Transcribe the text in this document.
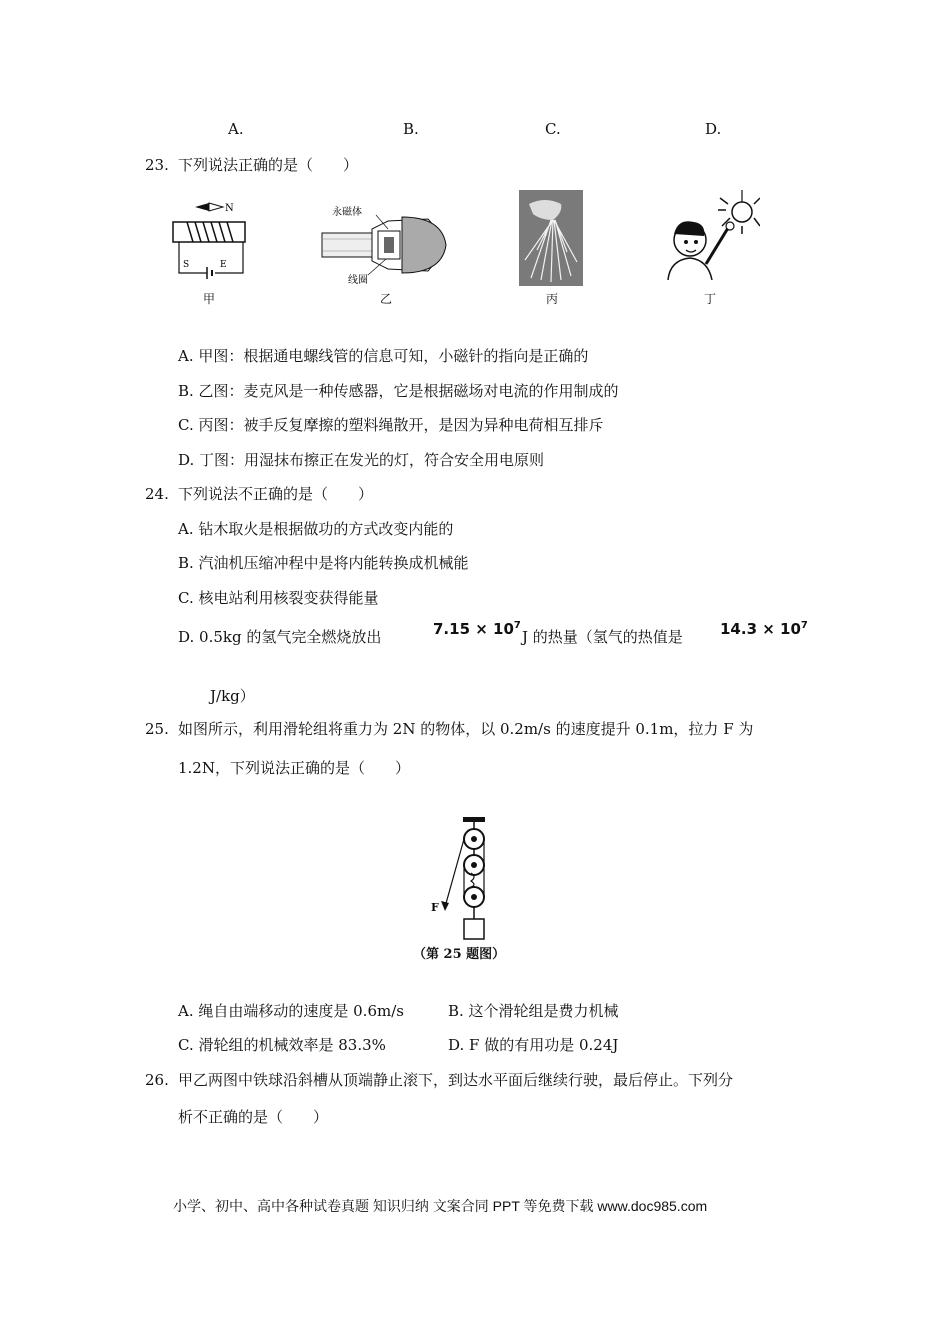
A.	B.	C.	D.
23. 下列说法正确的是（　　）
N
S	E
甲
永磁体
线圈
乙	丙	丁
A. 甲图：根据通电螺线管的信息可知，小磁针的指向是正确的
B. 乙图：麦克风是一种传感器，它是根据磁场对电流的作用制成的
C. 丙图：被手反复摩擦的塑料绳散开，是因为异种电荷相互排斥
D. 丁图：用湿抹布擦正在发光的灯，符合安全用电原则
24. 下列说法不正确的是（　　）
A. 钻木取火是根据做功的方式改变内能的
B. 汽油机压缩冲程中是将内能转换成机械能
C. 核电站利用核裂变获得能量
D. 0.5kg 的氢气完全燃烧放出	$7.15 \times 10^7$
J 的热量（氢气的热值是 $14.3 \times 10^7$
J/kg）
25. 如图所示，利用滑轮组将重力为 2N 的物体，以 0.2m/s 的速度提升 0.1m，拉力 F 为
1.2N，下列说法正确的是（　　）
F
（第 25 题图）
A. 绳自由端移动的速度是 0.6m/s	B. 这个滑轮组是费力机械
C. 滑轮组的机械效率是 83.3%	D. F 做的有用功是 0.24J
26. 甲乙两图中铁球沿斜槽从顶端静止滚下，到达水平面后继续行驶，最后停止。下列分
析不正确的是（　　）
小学、初中、高中各种试卷真题 知识归纳 文案合同 PPT 等免费下载 www.doc985.com
